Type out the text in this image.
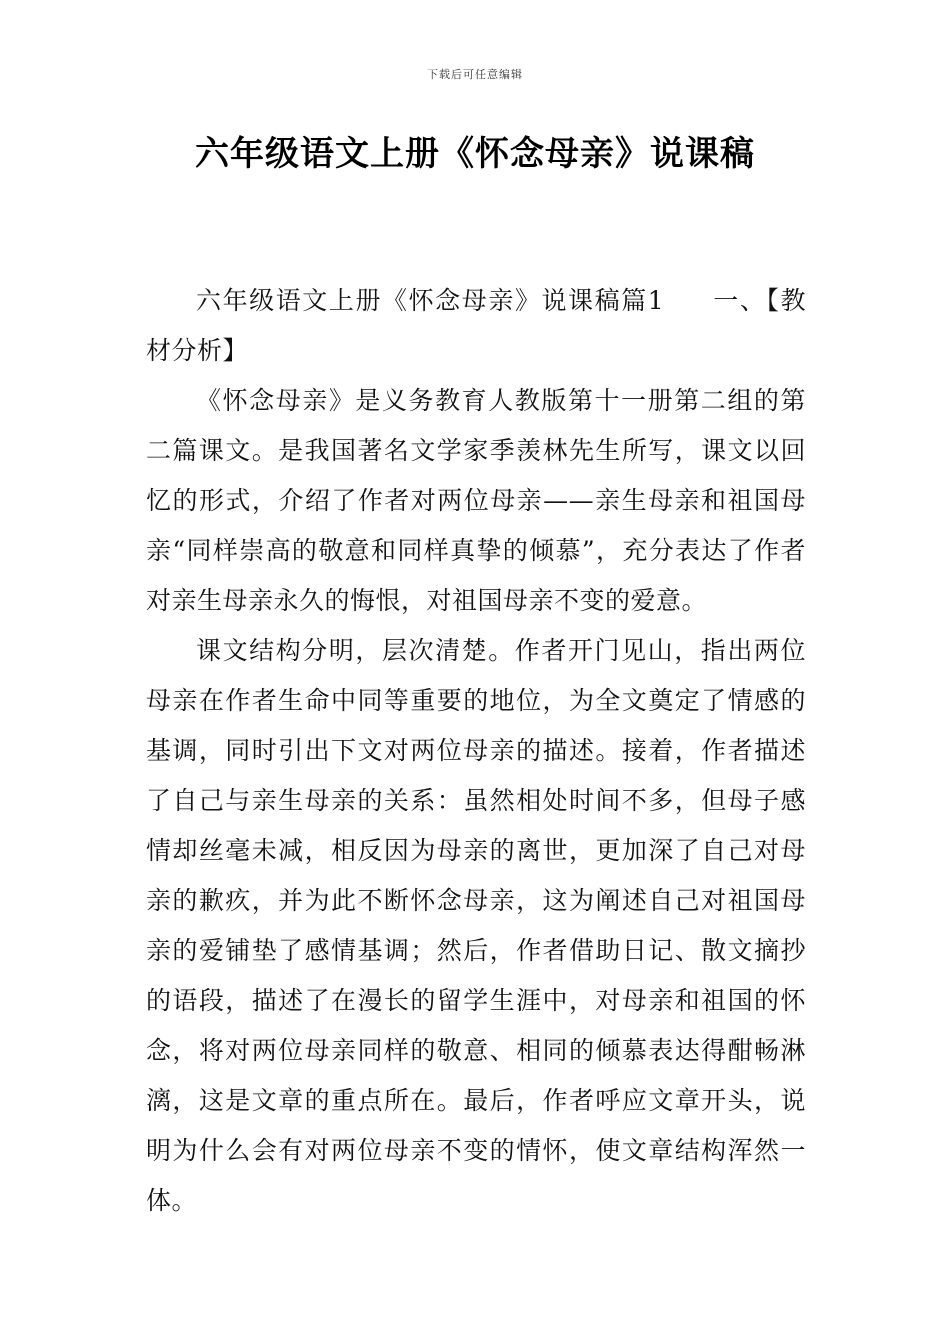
下载后可任意编辑
六年级语文上册《怀念母亲》说课稿

六年级语文上册《怀念母亲》说课稿篇1 一、【教材分析】

《怀念母亲》是义务教育人教版第十一册第二组的第二篇课文。是我国著名文学家季羡林先生所写，课文以回忆的形式，介绍了作者对两位母亲——亲生母亲和祖国母亲“同样崇高的敬意和同样真挚的倾慕”，充分表达了作者对亲生母亲永久的悔恨，对祖国母亲不变的爱意。

课文结构分明，层次清楚。作者开门见山，指出两位母亲在作者生命中同等重要的地位，为全文奠定了情感的基调，同时引出下文对两位母亲的描述。接着，作者描述了自己与亲生母亲的关系：虽然相处时间不多，但母子感情却丝毫未减，相反因为母亲的离世，更加深了自己对母亲的歉疚，并为此不断怀念母亲，这为阐述自己对祖国母亲的爱铺垫了感情基调；然后，作者借助日记、散文摘抄的语段，描述了在漫长的留学生涯中，对母亲和祖国的怀念，将对两位母亲同样的敬意、相同的倾慕表达得酣畅淋漓，这是文章的重点所在。最后，作者呼应文章开头，说明为什么会有对两位母亲不变的情怀，使文章结构浑然一体。
